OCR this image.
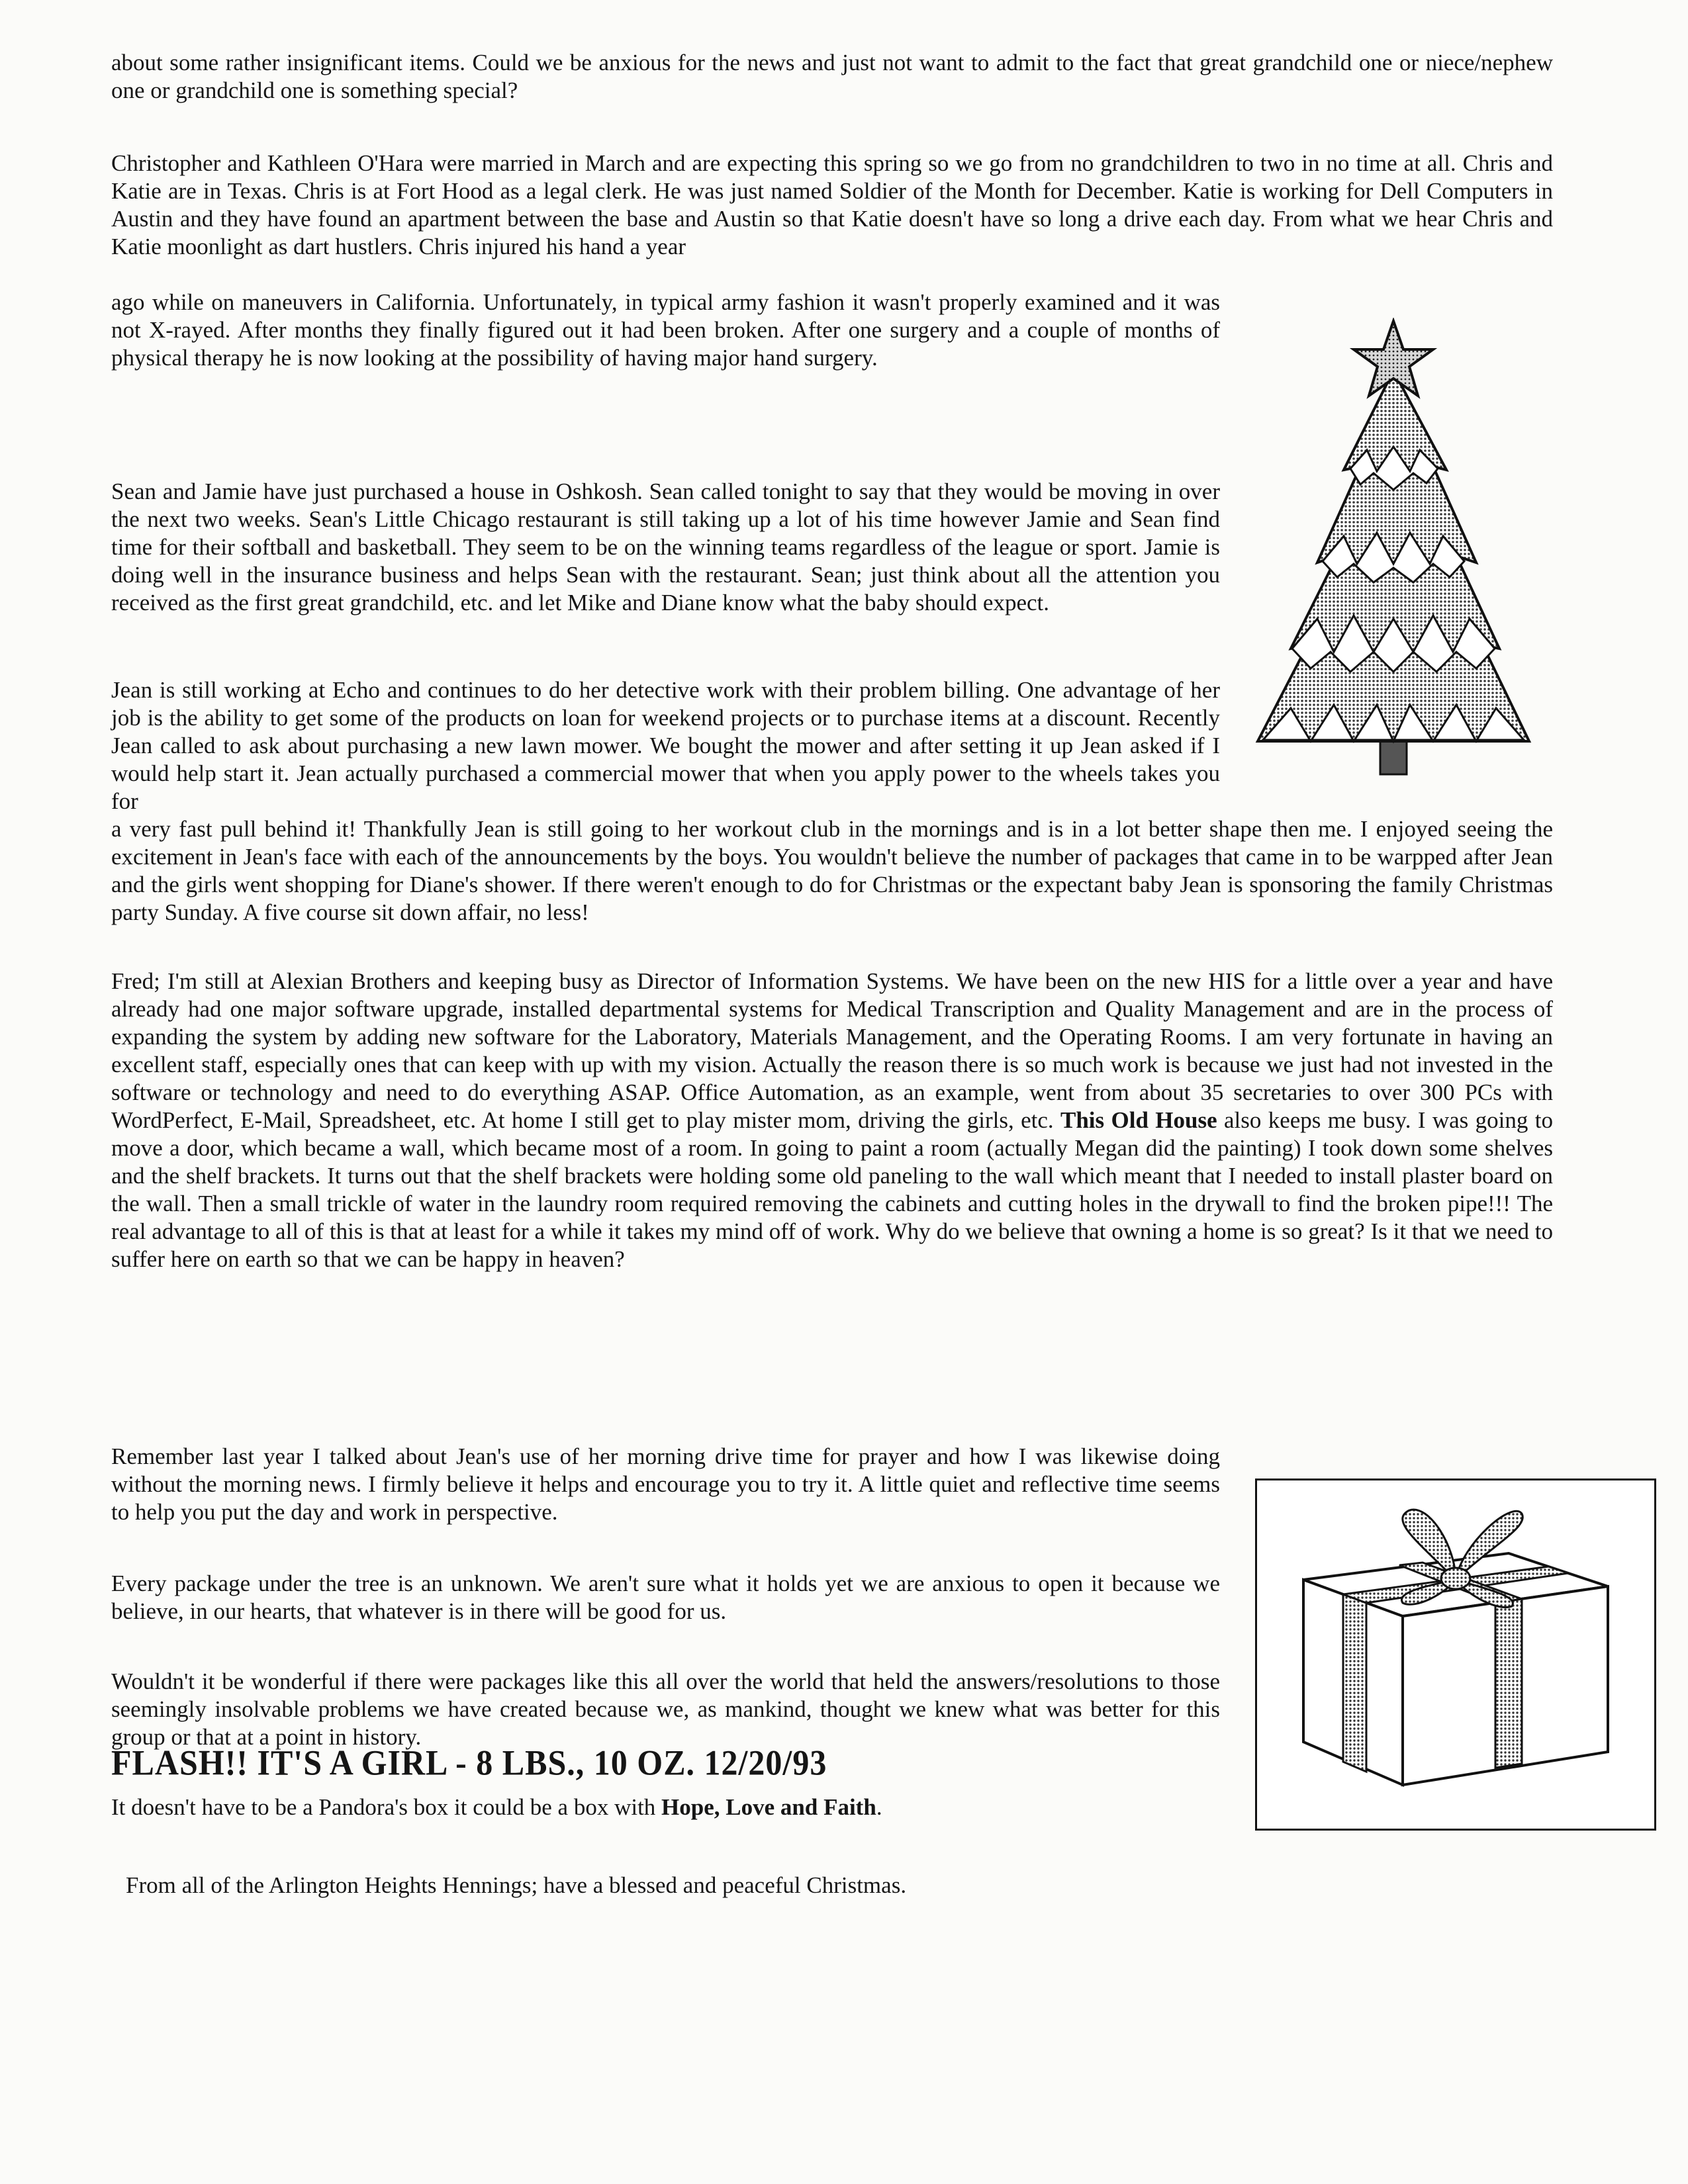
about some rather insignificant items. Could we be anxious for the news and just not want to admit to the fact that great grandchild one or niece/nephew one or grandchild one is something special?

Christopher and Kathleen O'Hara were married in March and are expecting this spring so we go from no grandchildren to two in no time at all. Chris and Katie are in Texas. Chris is at Fort Hood as a legal clerk. He was just named Soldier of the Month for December. Katie is working for Dell Computers in Austin and they have found an apartment between the base and Austin so that Katie doesn't have so long a drive each day. From what we hear Chris and Katie moonlight as dart hustlers. Chris injured his hand a year

ago while on maneuvers in California. Unfortunately, in typical army fashion it wasn't properly examined and it was not X-rayed. After months they finally figured out it had been broken. After one surgery and a couple of months of physical therapy he is now looking at the possibility of having major hand surgery.

Sean and Jamie have just purchased a house in Oshkosh. Sean called tonight to say that they would be moving in over the next two weeks. Sean's Little Chicago restaurant is still taking up a lot of his time however Jamie and Sean find time for their softball and basketball. They seem to be on the winning teams regardless of the league or sport. Jamie is doing well in the insurance business and helps Sean with the restaurant. Sean; just think about all the attention you received as the first great grandchild, etc. and let Mike and Diane know what the baby should expect.

Jean is still working at Echo and continues to do her detective work with their problem billing. One advantage of her job is the ability to get some of the products on loan for weekend projects or to purchase items at a discount. Recently Jean called to ask about purchasing a new lawn mower. We bought the mower and after setting it up Jean asked if I would help start it. Jean actually purchased a commercial mower that when you apply power to the wheels takes you for

a very fast pull behind it! Thankfully Jean is still going to her workout club in the mornings and is in a lot better shape then me. I enjoyed seeing the excitement in Jean's face with each of the announcements by the boys. You wouldn't believe the number of packages that came in to be warpped after Jean and the girls went shopping for Diane's shower. If there weren't enough to do for Christmas or the expectant baby Jean is sponsoring the family Christmas party Sunday. A five course sit down affair, no less!

Fred; I'm still at Alexian Brothers and keeping busy as Director of Information Systems. We have been on the new HIS for a little over a year and have already had one major software upgrade, installed departmental systems for Medical Transcription and Quality Management and are in the process of expanding the system by adding new software for the Laboratory, Materials Management, and the Operating Rooms. I am very fortunate in having an excellent staff, especially ones that can keep with up with my vision. Actually the reason there is so much work is because we just had not invested in the software or technology and need to do everything ASAP. Office Automation, as an example, went from about 35 secretaries to over 300 PCs with WordPerfect, E-Mail, Spreadsheet, etc. At home I still get to play mister mom, driving the girls, etc. This Old House also keeps me busy. I was going to move a door, which became a wall, which became most of a room. In going to paint a room (actually Megan did the painting) I took down some shelves and the shelf brackets. It turns out that the shelf brackets were holding some old paneling to the wall which meant that I needed to install plaster board on the wall. Then a small trickle of water in the laundry room required removing the cabinets and cutting holes in the drywall to find the broken pipe!!! The real advantage to all of this is that at least for a while it takes my mind off of work. Why do we believe that owning a home is so great? Is it that we need to suffer here on earth so that we can be happy in heaven?

Remember last year I talked about Jean's use of her morning drive time for prayer and how I was likewise doing without the morning news. I firmly believe it helps and encourage you to try it. A little quiet and reflective time seems to help you put the day and work in perspective.

Every package under the tree is an unknown. We aren't sure what it holds yet we are anxious to open it because we believe, in our hearts, that whatever is in there will be good for us.

Wouldn't it be wonderful if there were packages like this all over the world that held the answers/resolutions to those seemingly insolvable problems we have created because we, as mankind, thought we knew what was better for this group or that at a point in history.

It doesn't have to be a Pandora's box it could be a box with Hope, Love and Faith.

From all of the Arlington Heights Hennings; have a blessed and peaceful Christmas.
FLASH!! IT'S A GIRL - 8 LBS., 10 OZ. 12/20/93
